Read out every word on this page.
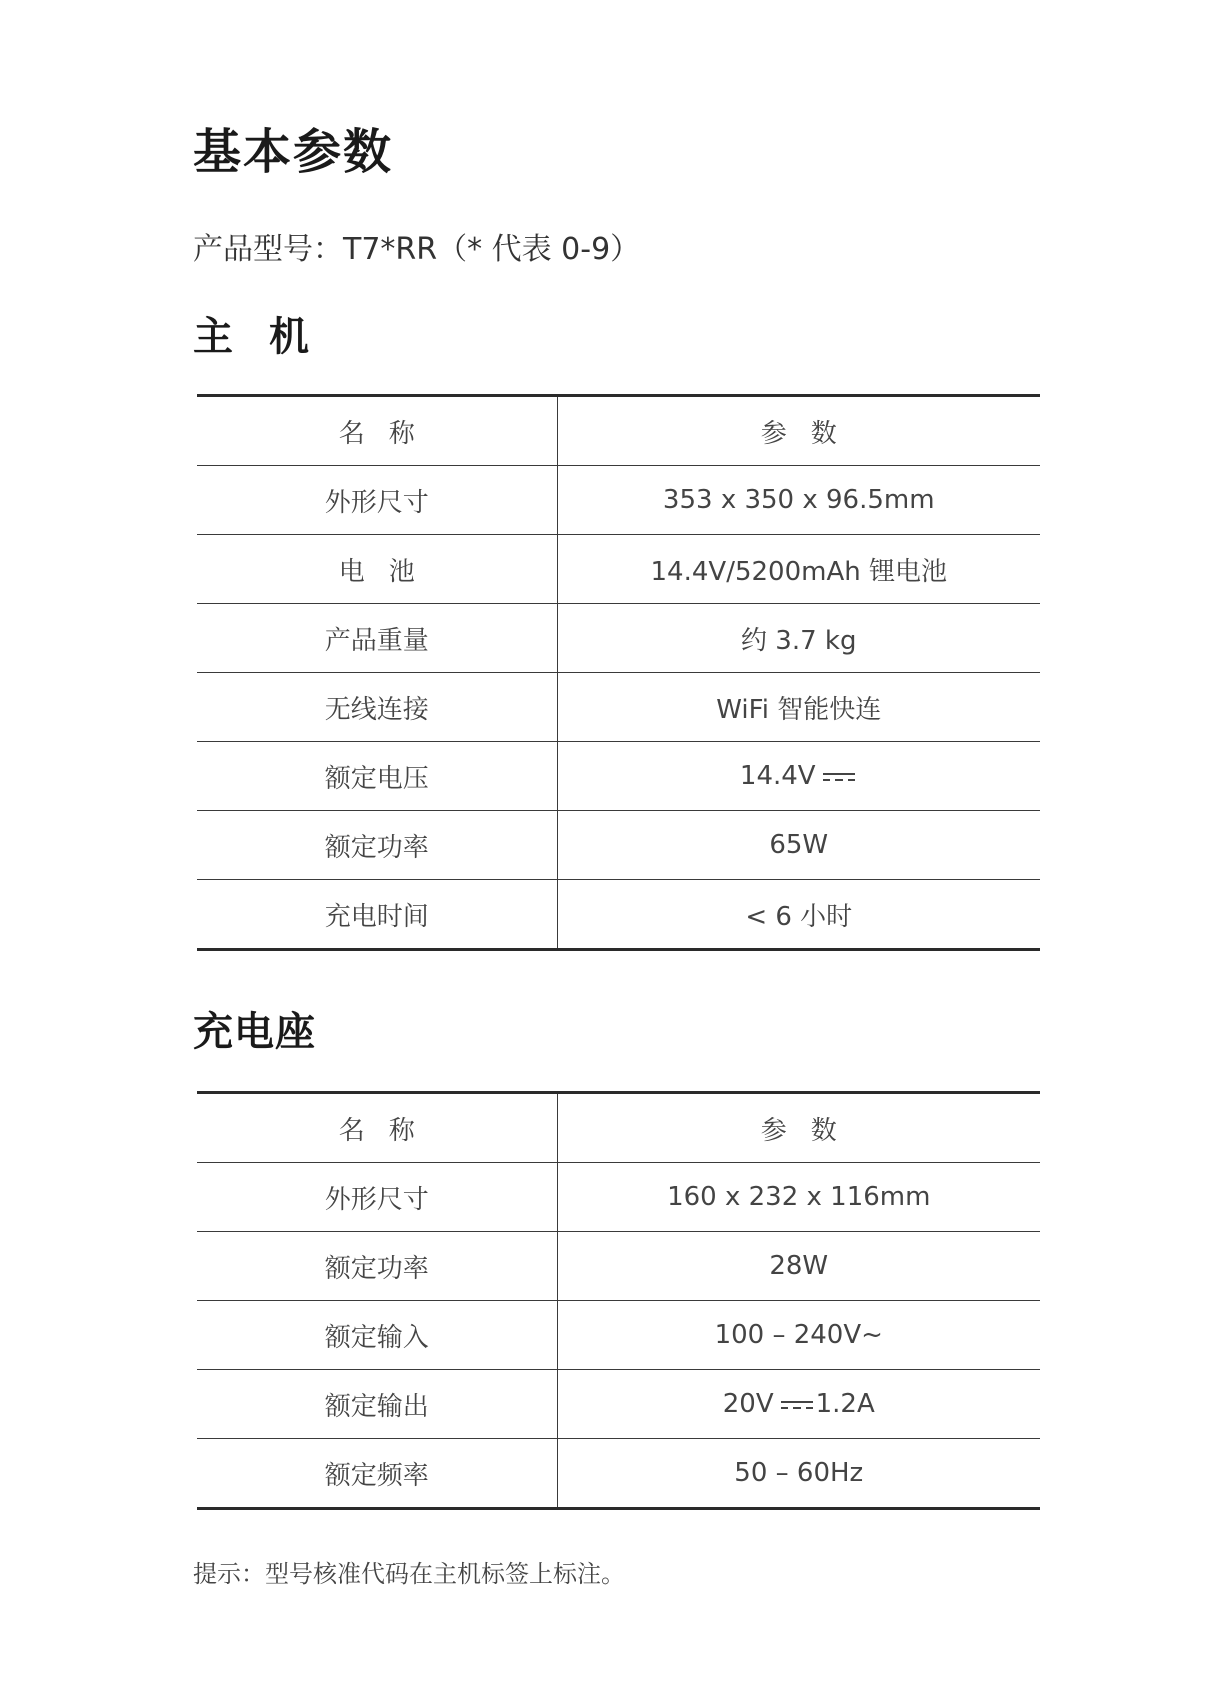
基本参数

产品型号：T7*RR（* 代表 0-9）

主机
名称	参数
外形尺寸	353 x 350 x 96.5mm
电池	14.4V/5200mAh 锂电池
产品重量	约 3.7 kg
无线连接	WiFi 智能快连
额定电压	14.4V

额定功率	65W
充电时间	< 6 小时
充电座
名称	参数
外形尺寸	160 x 232 x 116mm
额定功率	28W
额定输入	100 – 240V~
额定输出	20V 1.2A
额定频率	50 – 60Hz

提示：型号核准代码在主机标签上标注。
